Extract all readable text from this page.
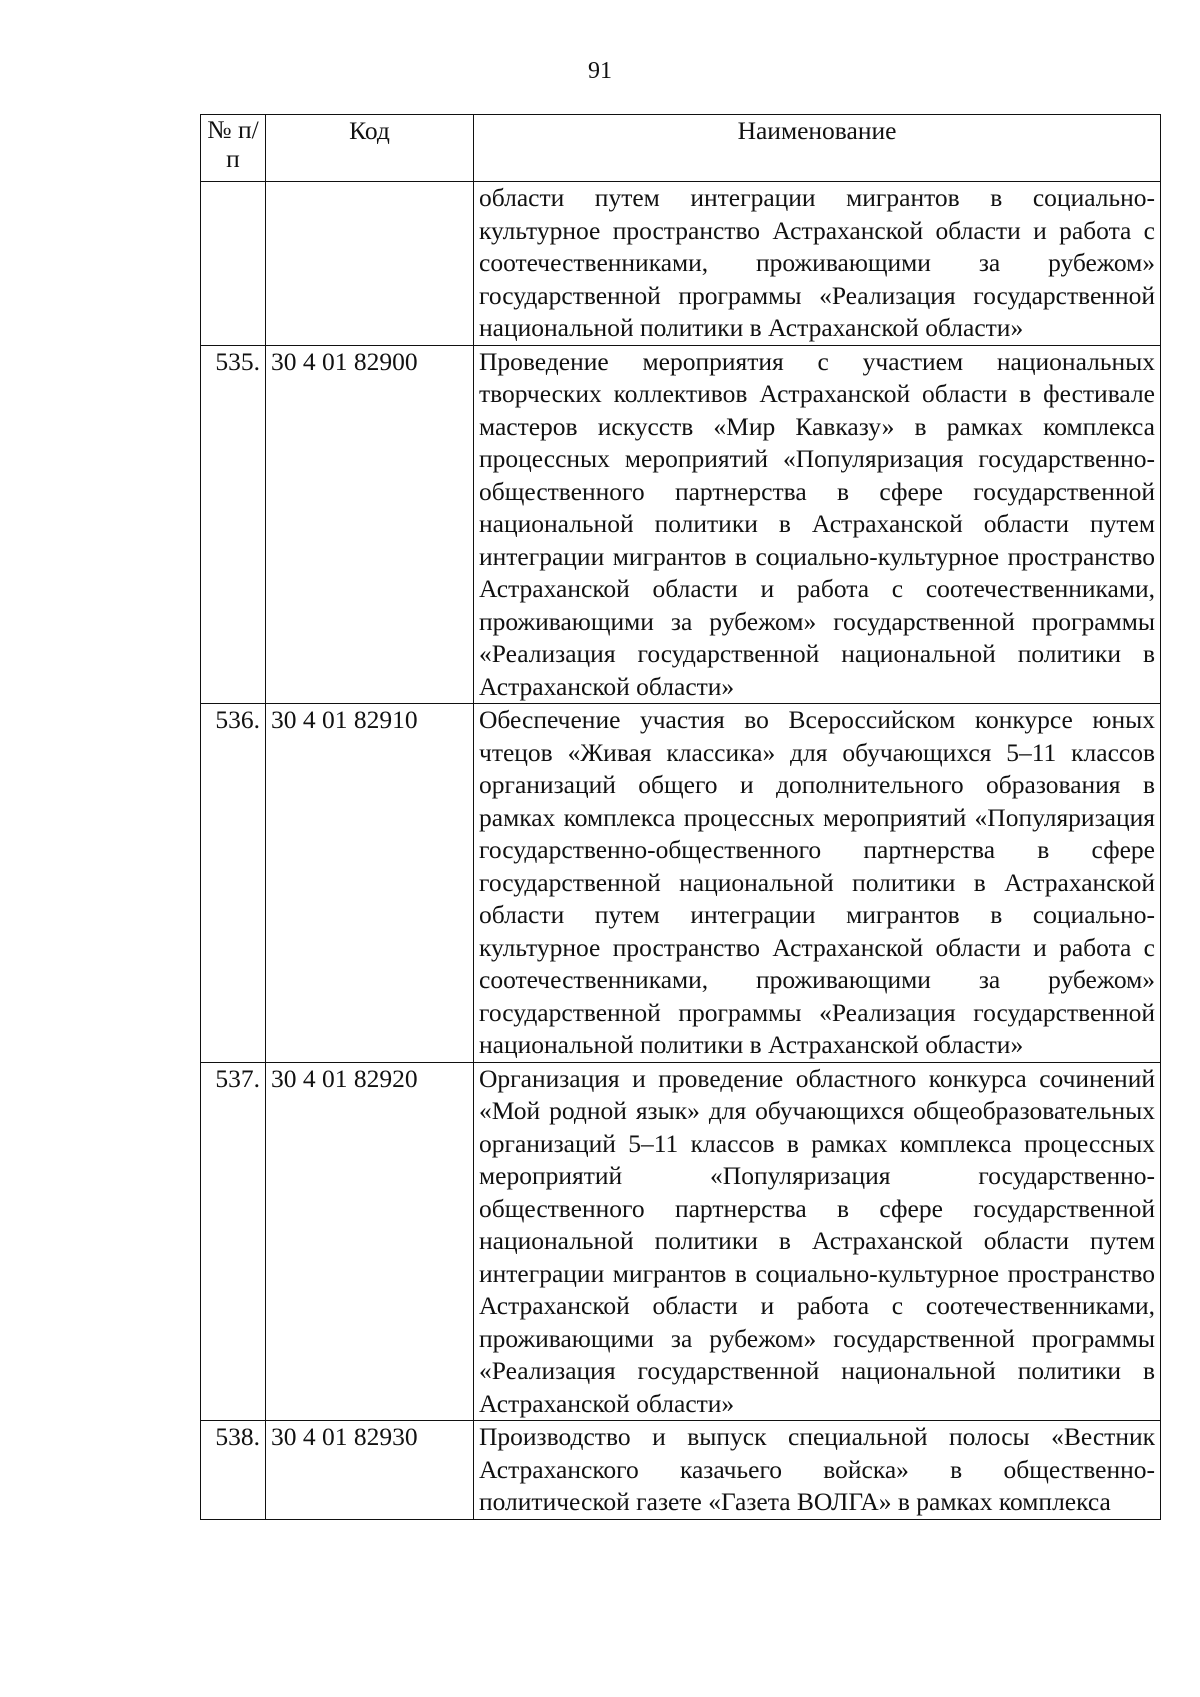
91
№ п/п	Код	Наименование
		области путем интеграции мигрантов в социально-культурное пространство Астраханской области и работа с соотечественниками, проживающими за рубежом» государственной программы «Реализация государственной национальной политики в Астраханской области»
535.	30 4 01 82900	Проведение мероприятия с участием национальных творческих коллективов Астраханской области в фестивале мастеров искусств «Мир Кавказу» в рамках комплекса процессных мероприятий «Популяризация государственно-общественного партнерства в сфере государственной национальной политики в Астраханской области путем интеграции мигрантов в социально-культурное пространство Астраханской области и работа с соотечественниками, проживающими за рубежом» государственной программы «Реализация государственной национальной политики в Астраханской области»
536.	30 4 01 82910	Обеспечение участия во Всероссийском конкурсе юных чтецов «Живая классика» для обучающихся 5–11 классов организаций общего и дополнительного образования в рамках комплекса процессных мероприятий «Популяризация государственно-общественного партнерства в сфере государственной национальной политики в Астраханской области путем интеграции мигрантов в социально-культурное пространство Астраханской области и работа с соотечественниками, проживающими за рубежом» государственной программы «Реализация государственной национальной политики в Астраханской области»
537.	30 4 01 82920	Организация и проведение областного конкурса сочинений «Мой родной язык» для обучающихся общеобразовательных организаций 5–11 классов в рамках комплекса процессных мероприятий «Популяризация государственно-общественного партнерства в сфере государственной национальной политики в Астраханской области путем интеграции мигрантов в социально-культурное пространство Астраханской области и работа с соотечественниками, проживающими за рубежом» государственной программы «Реализация государственной национальной политики в Астраханской области»
538.	30 4 01 82930	Производство и выпуск специальной полосы «Вестник Астраханского казачьего войска» в общественно-политической газете «Газета ВОЛГА» в рамках комплекса
